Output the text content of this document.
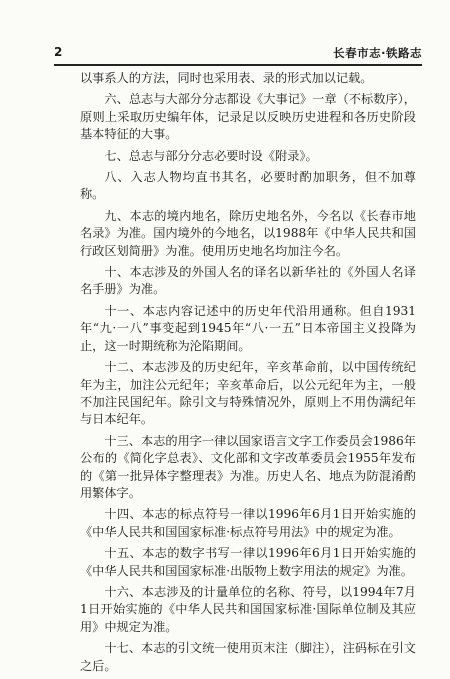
2	长春市志·铁路志

以事系人的方法，同时也采用表、录的形式加以记载。

六、总志与大部分分志都设《大事记》一章（不标数序），原则上采取历史编年体，记录足以反映历史进程和各历史阶段基本特征的大事。

七、总志与部分分志必要时设《附录》。

八、入志人物均直书其名，必要时酌加职务，但不加尊称。

九、本志的境内地名，除历史地名外，今名以《长春市地名录》为准。国内境外的今地名，以1988年《中华人民共和国行政区划简册》为准。使用历史地名均加注今名。

十、本志涉及的外国人名的译名以新华社的《外国人名译名手册》为准。

十一、本志内容记述中的历史年代沿用通称。但自1931年“九·一八”事变起到1945年“八·一五”日本帝国主义投降为止，这一时期统称为沦陷期间。

十二、本志涉及的历史纪年，辛亥革命前，以中国传统纪年为主，加注公元纪年；辛亥革命后，以公元纪年为主，一般不加注民国纪年。除引文与特殊情况外，原则上不用伪满纪年与日本纪年。

十三、本志的用字一律以国家语言文字工作委员会1986年公布的《简化字总表》、文化部和文字改革委员会1955年发布的《第一批异体字整理表》为准。历史人名、地点为防混淆酌用繁体字。

十四、本志的标点符号一律以1996年6月1日开始实施的《中华人民共和国国家标准·标点符号用法》中的规定为准。

十五、本志的数字书写一律以1996年6月1日开始实施的《中华人民共和国国家标准·出版物上数字用法的规定》为准。

十六、本志涉及的计量单位的名称、符号，以1994年7月1日开始实施的《中华人民共和国国家标准·国际单位制及其应用》中规定为准。

十七、本志的引文统一使用页末注（脚注），注码标在引文之后。
